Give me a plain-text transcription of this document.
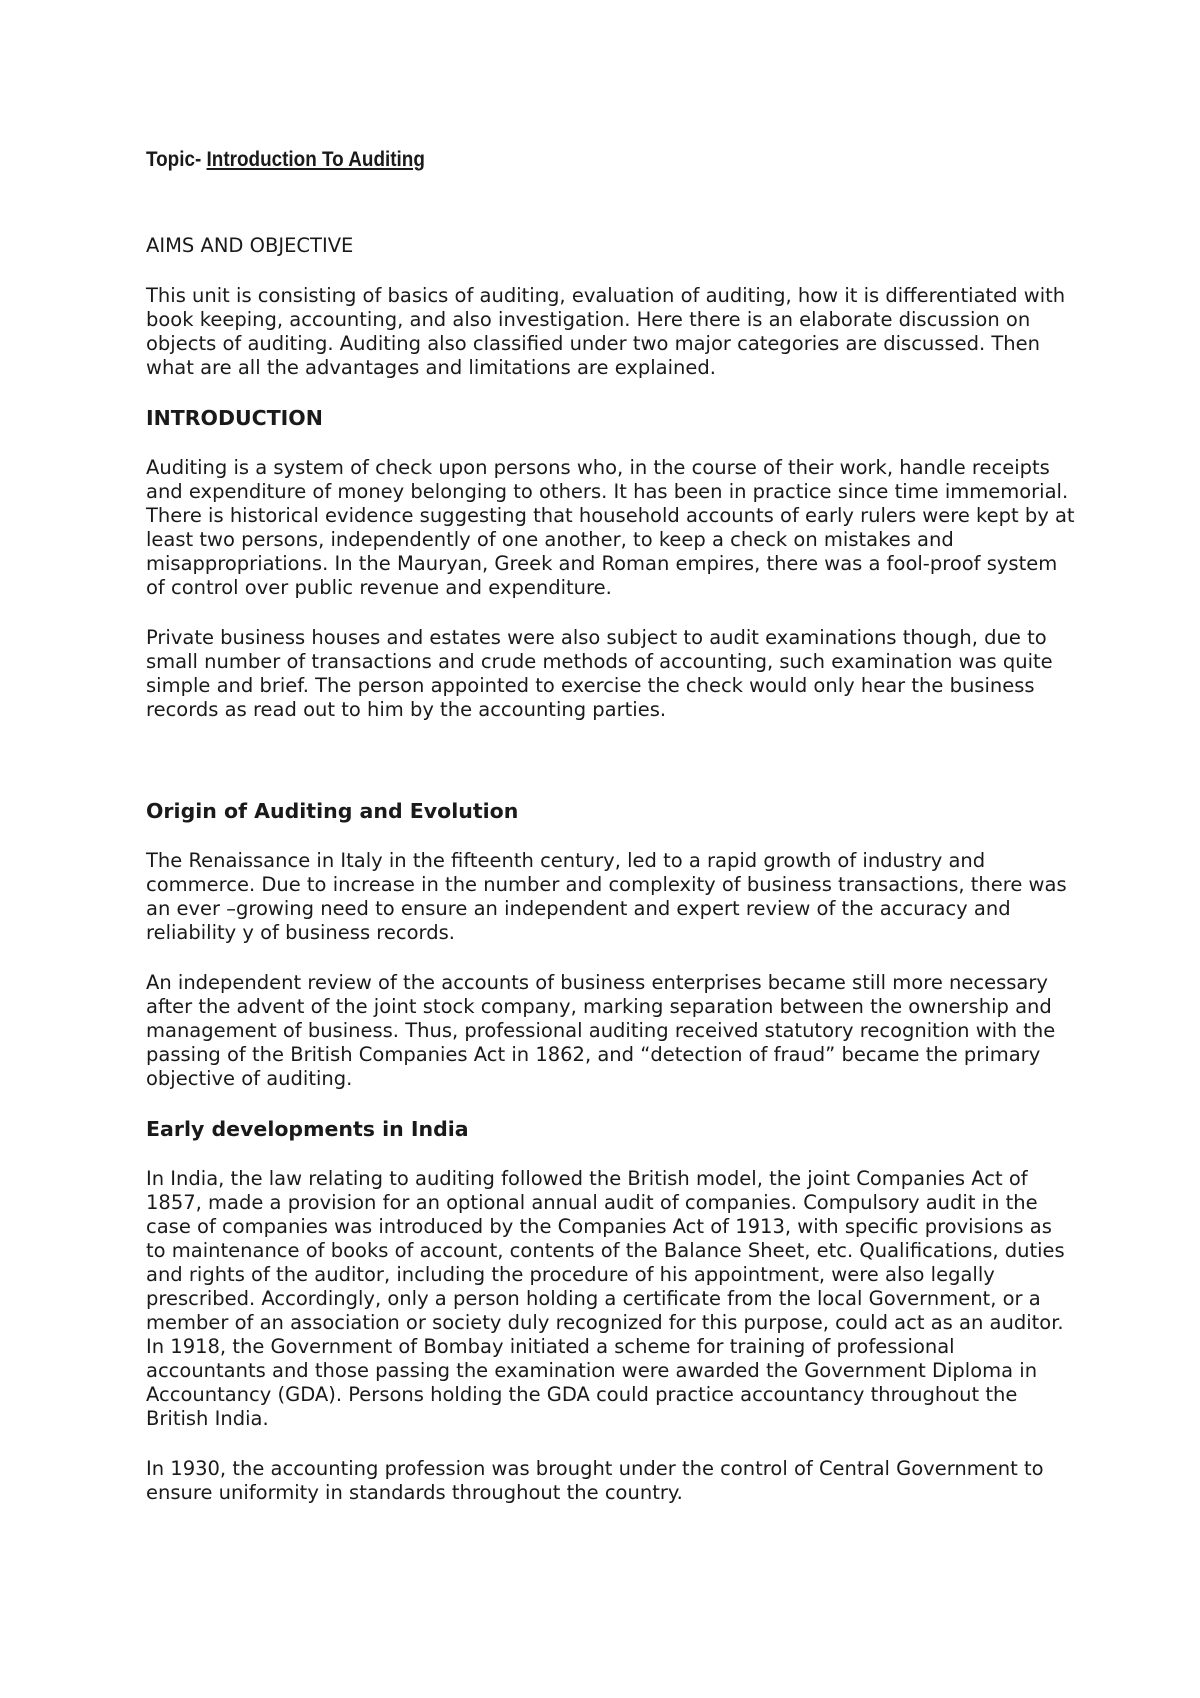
Topic- Introduction To Auditing

AIMS AND OBJECTIVE

This unit is consisting of basics of auditing, evaluation of auditing, how it is differentiated with book keeping, accounting, and also investigation. Here there is an elaborate discussion on objects of auditing. Auditing also classified under two major categories are discussed. Then what are all the advantages and limitations are explained.

INTRODUCTION

Auditing is a system of check upon persons who, in the course of their work, handle receipts and expenditure of money belonging to others. It has been in practice since time immemorial. There is historical evidence suggesting that household accounts of early rulers were kept by at least two persons, independently of one another, to keep a check on mistakes and misappropriations. In the Mauryan, Greek and Roman empires, there was a fool-proof system of control over public revenue and expenditure.

Private business houses and estates were also subject to audit examinations though, due to small number of transactions and crude methods of accounting, such examination was quite simple and brief. The person appointed to exercise the check would only hear the business records as read out to him by the accounting parties.

Origin of Auditing and Evolution

The Renaissance in Italy in the fifteenth century, led to a rapid growth of industry and commerce. Due to increase in the number and complexity of business transactions, there was an ever –growing need to ensure an independent and expert review of the accuracy and reliability y of business records.

An independent review of the accounts of business enterprises became still more necessary after the advent of the joint stock company, marking separation between the ownership and management of business. Thus, professional auditing received statutory recognition with the passing of the British Companies Act in 1862, and “detection of fraud” became the primary objective of auditing.

Early developments in India

In India, the law relating to auditing followed the British model, the joint Companies Act of 1857, made a provision for an optional annual audit of companies. Compulsory audit in the case of companies was introduced by the Companies Act of 1913, with specific provisions as to maintenance of books of account, contents of the Balance Sheet, etc. Qualifications, duties and rights of the auditor, including the procedure of his appointment, were also legally prescribed. Accordingly, only a person holding a certificate from the local Government, or a member of an association or society duly recognized for this purpose, could act as an auditor. In 1918, the Government of Bombay initiated a scheme for training of professional accountants and those passing the examination were awarded the Government Diploma in Accountancy (GDA). Persons holding the GDA could practice accountancy throughout the British India.

In 1930, the accounting profession was brought under the control of Central Government to ensure uniformity in standards throughout the country.
